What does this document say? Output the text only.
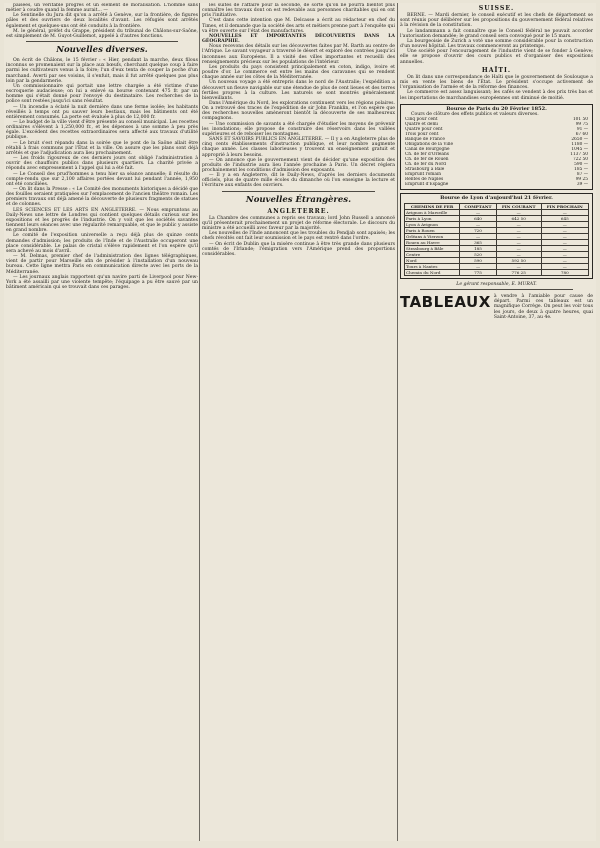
paisées, un véritable progrès et un élément de moralisation. L'homme sans métier à coudre quand la femme aurait... —

Le Sentinelle du Jura dit qu'on a arrêté à Genève, sur la frontière, de figures pâles et des ouvriers de deux localités d'avant. Les réfugiés sont arrêtés également et quelques-uns ont été conduits à la frontière.

M. le général, préfet du Grappe, président du tribunal de Châlons-sur-Saône, est simplement de M. Guyot-Guillemot, appelé à d'autres fonctions.

Nouvelles diverses.

On écrit de Châlons, le 15 février : « Hier, pendant la marche, deux filous inconnus se promenaient sur la place aux bœufs, cherchant quelque coup à faire parmi les cultivateurs venus à la foire; l'un d'eux tenta de couper la poche d'un marchand. Averti par ses voisins, il s'enfuit, mais il fut arrêté quelques pas plus loin par la gendarmerie.

Un commissionnaire qui portait une lettre chargée a été victime d'une escroquerie audacieuse; on lui a enlevé sa bourse contenant 475 fr. par un homme qui s'était donné pour l'envoyé du destinataire. Les recherches de la police sont restées jusqu'ici sans résultat.

— Un incendie a éclaté la nuit dernière dans une ferme isolée; les habitants réveillés à temps ont pu sauver leurs bestiaux, mais les bâtiments ont été entièrement consumés. La perte est évaluée à plus de 12,000 fr.

— Le budget de la ville vient d'être présenté au conseil municipal. Les recettes ordinaires s'élèvent à 1,250,000 fr., et les dépenses à une somme à peu près égale. L'excédent des recettes extraordinaires sera affecté aux travaux d'utilité publique.

— Le bruit s'est répandu dans la soirée que le pont de la Saône allait être rétabli à frais communs par l'État et la ville. On assure que les plans sont déjà arrêtés et que l'adjudication aura lieu prochainement.

— Les froids rigoureux de ces derniers jours ont obligé l'administration à ouvrir des chauffoirs publics dans plusieurs quartiers. La charité privée a répondu avec empressement à l'appel qui lui a été fait.

— Le Conseil des prud'hommes a tenu hier sa séance annuelle; il résulte du compte-rendu que sur 2,100 affaires portées devant lui pendant l'année, 1,950 ont été conciliées.

— On lit dans la Presse : « Le Comité des monuments historiques a décidé que des fouilles seraient pratiquées sur l'emplacement de l'ancien théâtre romain. Les premiers travaux ont déjà amené la découverte de plusieurs fragments de statues et de colonnes.

LES SCIENCES ET LES ARTS EN ANGLETERRE. — Nous empruntons au Daily-News une lettre de Londres qui contient quelques détails curieux sur les expositions et les progrès de l'industrie. On y voit que les sociétés savantes tiennent leurs séances avec une régularité remarquable, et que le public y assiste en grand nombre.

Le comité de l'exposition universelle a reçu déjà plus de quinze cents demandes d'admission; les produits de l'Inde et de l'Australie occuperont une place considérable. Le palais de cristal s'élève rapidement et l'on espère qu'il sera achevé au mois d'avril.

— M. Delmas, premier chef de l'administration des lignes télégraphiques, vient de partir pour Marseille afin de présider à l'installation d'un nouveau bureau. Cette ligne mettra Paris en communication directe avec les ports de la Méditerranée.

— Les journaux anglais rapportent qu'un navire parti de Liverpool pour New-York a été assailli par une violente tempête; l'équipage a pu être sauvé par un bâtiment américain qui se trouvait dans ces parages.

les suites de l'affaire pour la seconde, de sorte qu'on ne pourra bientôt plus connaître les travaux dont on est redevable aux personnes charitables qui en ont pris l'initiative.

C'est dans cette intention que M. Delcasse a écrit au rédacteur en chef du Times, et il demande que la société des arts et métiers prenne part à l'enquête qui va être ouverte sur l'état des manufactures.

NOUVELLES ET IMPORTANTES DÉCOUVERTES DANS LA GÉOGRAPHIE.

Nous recevons des détails sur les découvertes faites par M. Barth au centre de l'Afrique. Le savant voyageur a traversé le désert et exploré des contrées jusqu'ici inconnues aux Européens. Il a visité des villes importantes et recueilli des renseignements précieux sur les populations de l'intérieur.

Les produits du pays consistent principalement en coton, indigo, ivoire et poudre d'or. Le commerce est entre les mains des caravanes qui se rendent chaque année sur les côtes de la Méditerranée.

Un nouveau voyage a été entrepris dans le nord de l'Australie; l'expédition a découvert un fleuve navigable sur une étendue de plus de cent lieues et des terres fertiles propres à la culture. Les naturels se sont montrés généralement bienveillants.

Dans l'Amérique du Nord, les explorations continuent vers les régions polaires. On a retrouvé des traces de l'expédition de sir John Franklin, et l'on espère que des recherches nouvelles amèneront bientôt la découverte de ses malheureux compagnons.

— Une commission de savants a été chargée d'étudier les moyens de prévenir les inondations; elle propose de construire des réservoirs dans les vallées supérieures et de reboiser les montagnes.

SANS ET SAVOIRS PUBLICS EN ANGLETERRE. — Il y a en Angleterre plus de cinq cents établissements d'instruction publique, et leur nombre augmente chaque année. Les classes laborieuses y trouvent un enseignement gratuit et approprié à leurs besoins.

— On annonce que le gouvernement vient de décider qu'une exposition des produits de l'industrie aura lieu l'année prochaine à Paris. Un décret réglera prochainement les conditions d'admission des exposants.

— Il y a en Angleterre, dit le Daily-News, d'après les derniers documents officiels, plus de quatre mille écoles du dimanche où l'on enseigne la lecture et l'écriture aux enfants des ouvriers.

Nouvelles Étrangères.
ANGLETERRE.

La Chambre des communes a repris ses travaux; lord John Russell a annoncé qu'il présenterait prochainement un projet de réforme électorale. Le discours du ministre a été accueilli avec faveur par la majorité.

Les nouvelles de l'Inde annoncent que les troubles du Pendjab sont apaisés; les chefs révoltés ont fait leur soumission et le pays est rentré dans l'ordre.

— On écrit de Dublin que la misère continue à être très grande dans plusieurs comtés de l'Irlande; l'émigration vers l'Amérique prend des proportions considérables.

SUISSE.

BERNE. — Mardi dernier, le conseil exécutif et les chefs de département se sont réunis pour délibérer sur les propositions du gouvernement fédéral relatives à la révision de la constitution.

Le landammann a fait connaître que le Conseil fédéral ne pouvait accorder l'autorisation demandée; le grand conseil sera convoqué pour le 15 mars.

La bourgeoisie de Zurich a voté une somme considérable pour la construction d'un nouvel hôpital. Les travaux commenceront au printemps.

Une société pour l'encouragement de l'industrie vient de se fonder à Genève; elle se propose d'ouvrir des cours publics et d'organiser des expositions annuelles.

HAÏTI.

On lit dans une correspondance de Haïti que le gouvernement de Soulouque a mis en vente les biens de l'État. Le président s'occupe activement de l'organisation de l'armée et de la réforme des finances.

Le commerce est assez languissant; les cafés se vendent à des prix très bas et les importations de marchandises européennes ont diminué de moitié.

Bourse de Paris du 20 Février 1852.

Cours de clôture des effets publics et valeurs diverses.

Cinq pour cent	101 50
Quatre et demi	99 75
Quatre pour cent	91 —
Trois pour cent	67 60
Banque de France	2650 —
Obligations de la Ville	1180 —
Canal de Bourgogne	1045 —
Ch. de fer d'Orléans	1137 50
Ch. de fer de Rouen	722 50
Ch. de fer du Nord	590 —
Strasbourg à Bâle	185 —
Emprunt romain	87 —
Rentes de Naples	99 25
Emprunt d'Espagne	39 —
Bourse de Lyon d'aujourd'hui 21 février.
CHEMINS DE FER	COMPTANT	FIN COURANT	FIN PROCHAIN
Avignon à Marseille	—	—	—
Paris à Lyon	640	642 50	645
Lyon à Avignon	—	—	—
Paris à Rouen	720	—	—
Orléans à Vierzon	—	—	—
Rouen au Havre	365	—	—
Strasbourg à Bâle	185	—	—
Centre	520	—	—
Nord	590	592 50	—
Tours à Nantes	—	—	—
Chemin du Nord	775	776 25	780
Le gérant responsable, E. MURAT.
TABLEAUX à vendre à l'amiable pour cause de départ. Parmi ces tableaux est un magnifique Corrège. On peut les voir tous les jours, de deux à quatre heures, quai Saint-Antoine, 37, au 4e.
